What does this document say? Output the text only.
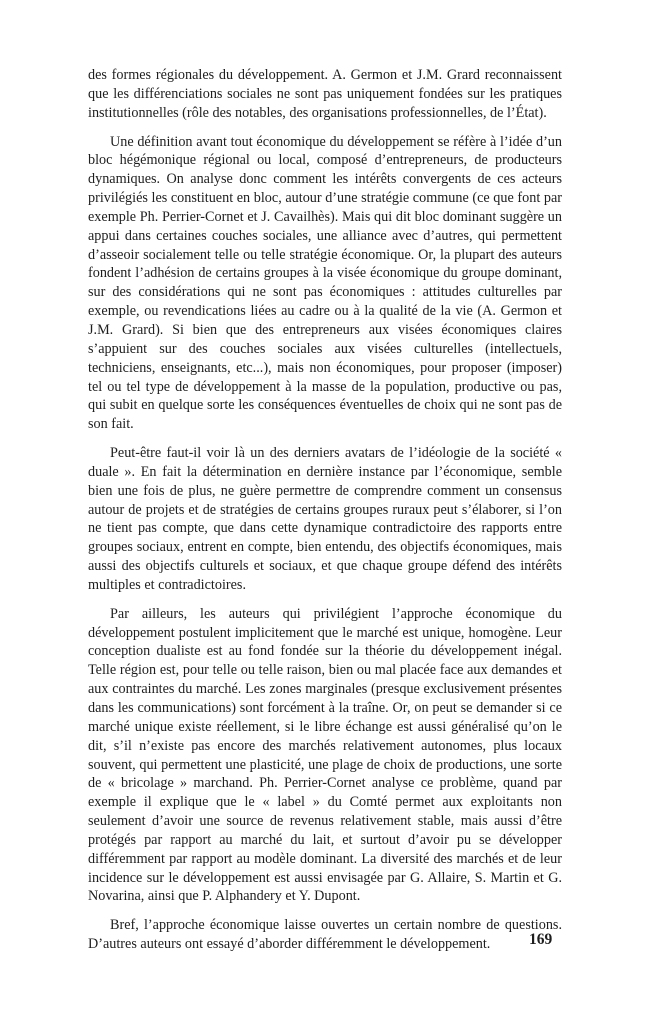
des formes régionales du développement. A. Germon et J.M. Grard reconnaissent que les différenciations sociales ne sont pas uniquement fondées sur les pratiques institutionnelles (rôle des notables, des organisations professionnelles, de l’État).

Une définition avant tout économique du développement se réfère à l’idée d’un bloc hégémonique régional ou local, composé d’entrepreneurs, de producteurs dynamiques. On analyse donc comment les intérêts convergents de ces acteurs privilégiés les constituent en bloc, autour d’une stratégie commune (ce que font par exemple Ph. Perrier-Cornet et J. Cavailhès). Mais qui dit bloc dominant suggère un appui dans certaines couches sociales, une alliance avec d’autres, qui permettent d’asseoir socialement telle ou telle stratégie économique. Or, la plupart des auteurs fondent l’adhésion de certains groupes à la visée économique du groupe dominant, sur des considérations qui ne sont pas économiques : attitudes culturelles par exemple, ou revendications liées au cadre ou à la qualité de la vie (A. Germon et J.M. Grard). Si bien que des entrepreneurs aux visées économiques claires s’appuient sur des couches sociales aux visées culturelles (intellectuels, techniciens, enseignants, etc...), mais non économiques, pour proposer (imposer) tel ou tel type de développement à la masse de la population, productive ou pas, qui subit en quelque sorte les conséquences éventuelles de choix qui ne sont pas de son fait.

Peut-être faut-il voir là un des derniers avatars de l’idéologie de la société « duale ». En fait la détermination en dernière instance par l’économique, semble bien une fois de plus, ne guère permettre de comprendre comment un consensus autour de projets et de stratégies de certains groupes ruraux peut s’élaborer, si l’on ne tient pas compte, que dans cette dynamique contradictoire des rapports entre groupes sociaux, entrent en compte, bien entendu, des objectifs économiques, mais aussi des objectifs culturels et sociaux, et que chaque groupe défend des intérêts multiples et contradictoires.

Par ailleurs, les auteurs qui privilégient l’approche économique du développement postulent implicitement que le marché est unique, homogène. Leur conception dualiste est au fond fondée sur la théorie du développement inégal. Telle région est, pour telle ou telle raison, bien ou mal placée face aux demandes et aux contraintes du marché. Les zones marginales (presque exclusivement présentes dans les communications) sont forcément à la traîne. Or, on peut se demander si ce marché unique existe réellement, si le libre échange est aussi généralisé qu’on le dit, s’il n’existe pas encore des marchés relativement autonomes, plus locaux souvent, qui permettent une plasticité, une plage de choix de productions, une sorte de « bricolage » marchand. Ph. Perrier-Cornet analyse ce problème, quand par exemple il explique que le « label » du Comté permet aux exploitants non seulement d’avoir une source de revenus relativement stable, mais aussi d’être protégés par rapport au marché du lait, et surtout d’avoir pu se développer différemment par rapport au modèle dominant. La diversité des marchés et de leur incidence sur le développement est aussi envisagée par G. Allaire, S. Martin et G. Novarina, ainsi que P. Alphandery et Y. Dupont.

Bref, l’approche économique laisse ouvertes un certain nombre de questions. D’autres auteurs ont essayé d’aborder différemment le développement.	169
